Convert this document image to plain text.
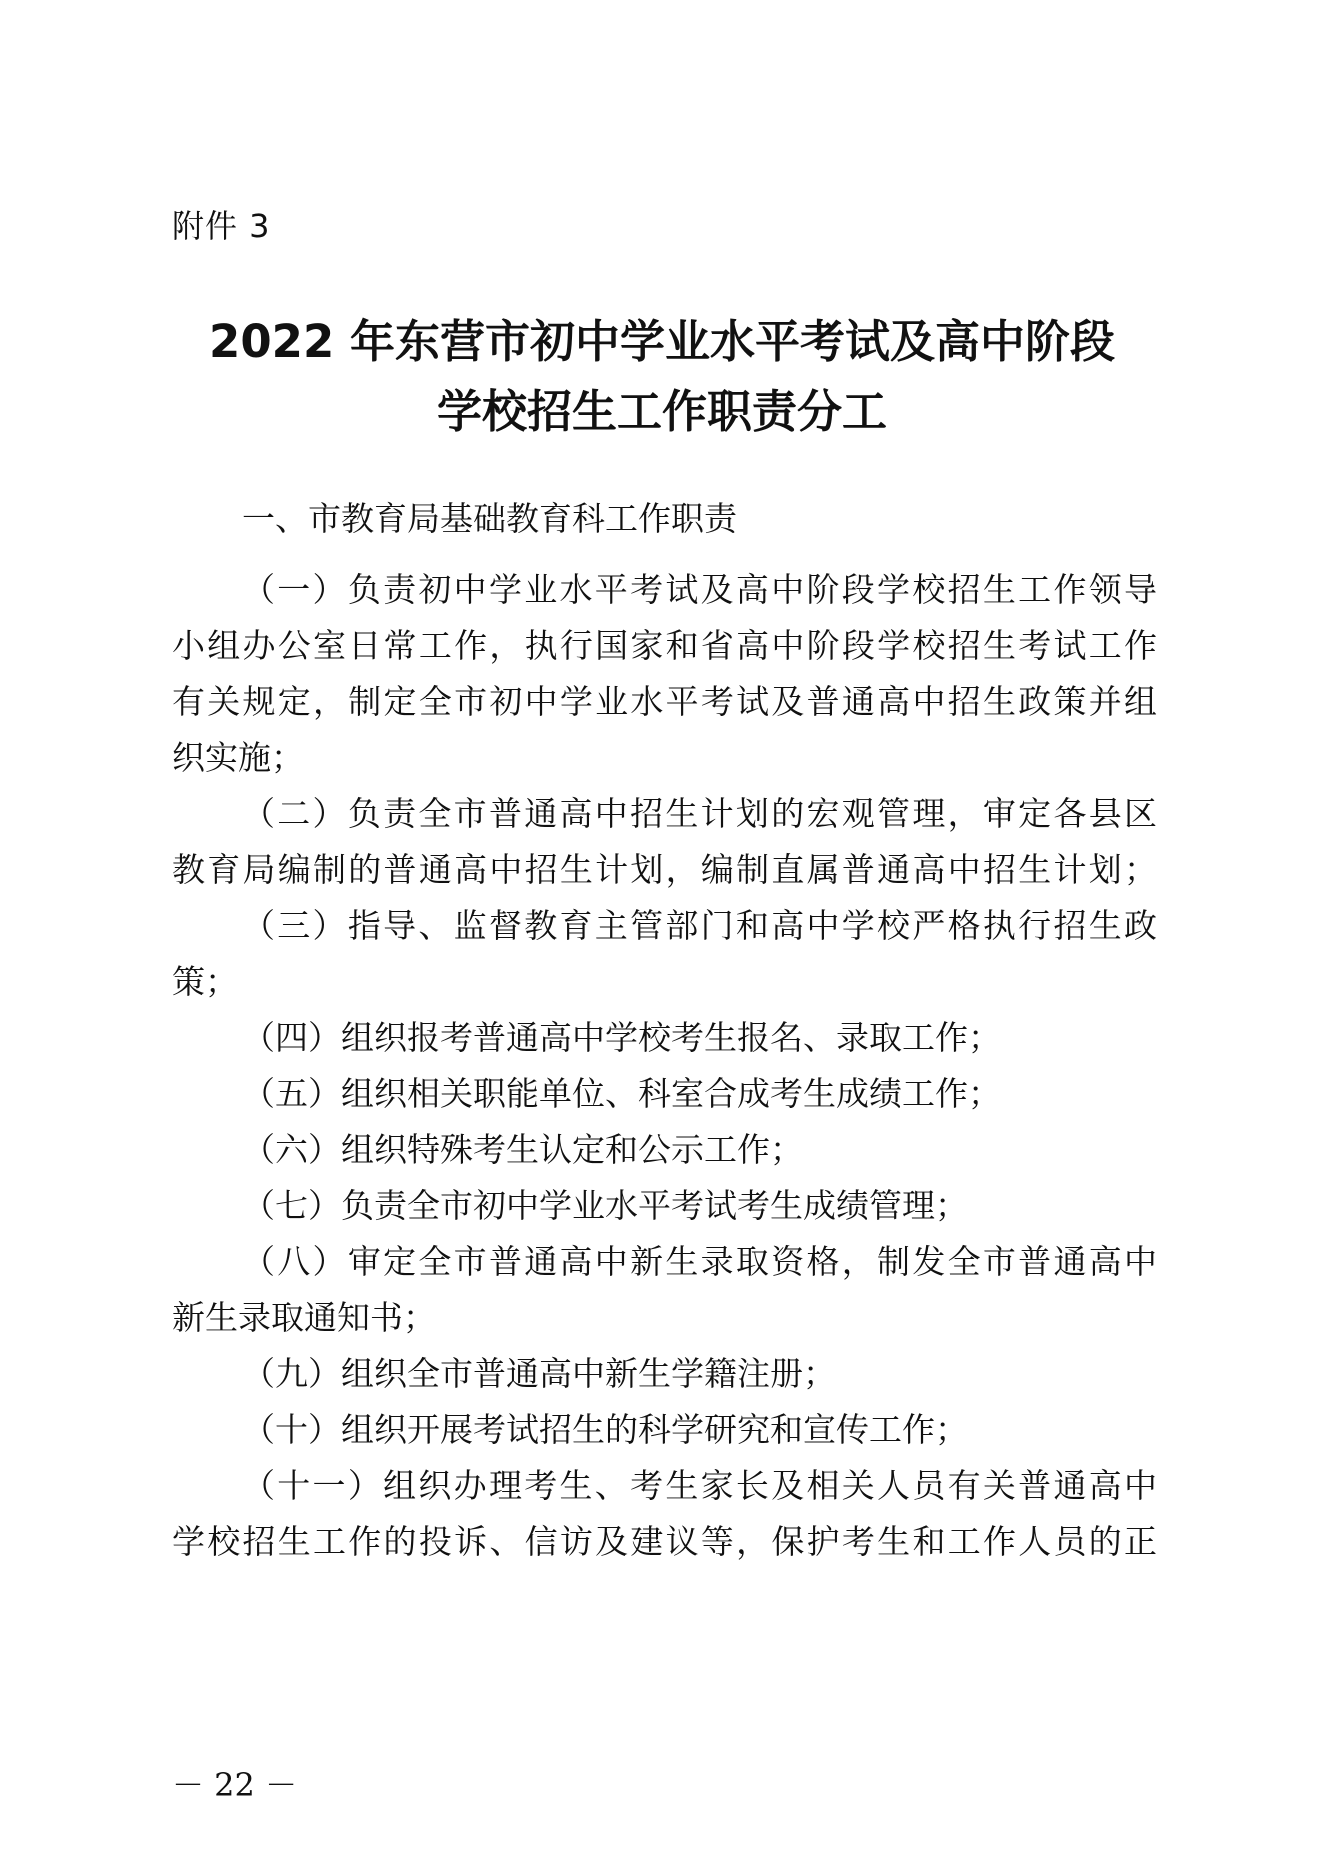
附件 3
2022 年东营市初中学业水平考试及高中阶段
学校招生工作职责分工
一、市教育局基础教育科工作职责
（一）负责初中学业水平考试及高中阶段学校招生工作领导
小组办公室日常工作，执行国家和省高中阶段学校招生考试工作
有关规定，制定全市初中学业水平考试及普通高中招生政策并组
织实施；
（二）负责全市普通高中招生计划的宏观管理，审定各县区
教育局编制的普通高中招生计划，编制直属普通高中招生计划；
（三）指导、监督教育主管部门和高中学校严格执行招生政
策；
（四）组织报考普通高中学校考生报名、录取工作；
（五）组织相关职能单位、科室合成考生成绩工作；
（六）组织特殊考生认定和公示工作；
（七）负责全市初中学业水平考试考生成绩管理；
（八）审定全市普通高中新生录取资格，制发全市普通高中
新生录取通知书；
（九）组织全市普通高中新生学籍注册；
（十）组织开展考试招生的科学研究和宣传工作；
（十一）组织办理考生、考生家长及相关人员有关普通高中
学校招生工作的投诉、信访及建议等，保护考生和工作人员的正
－ 22 －
